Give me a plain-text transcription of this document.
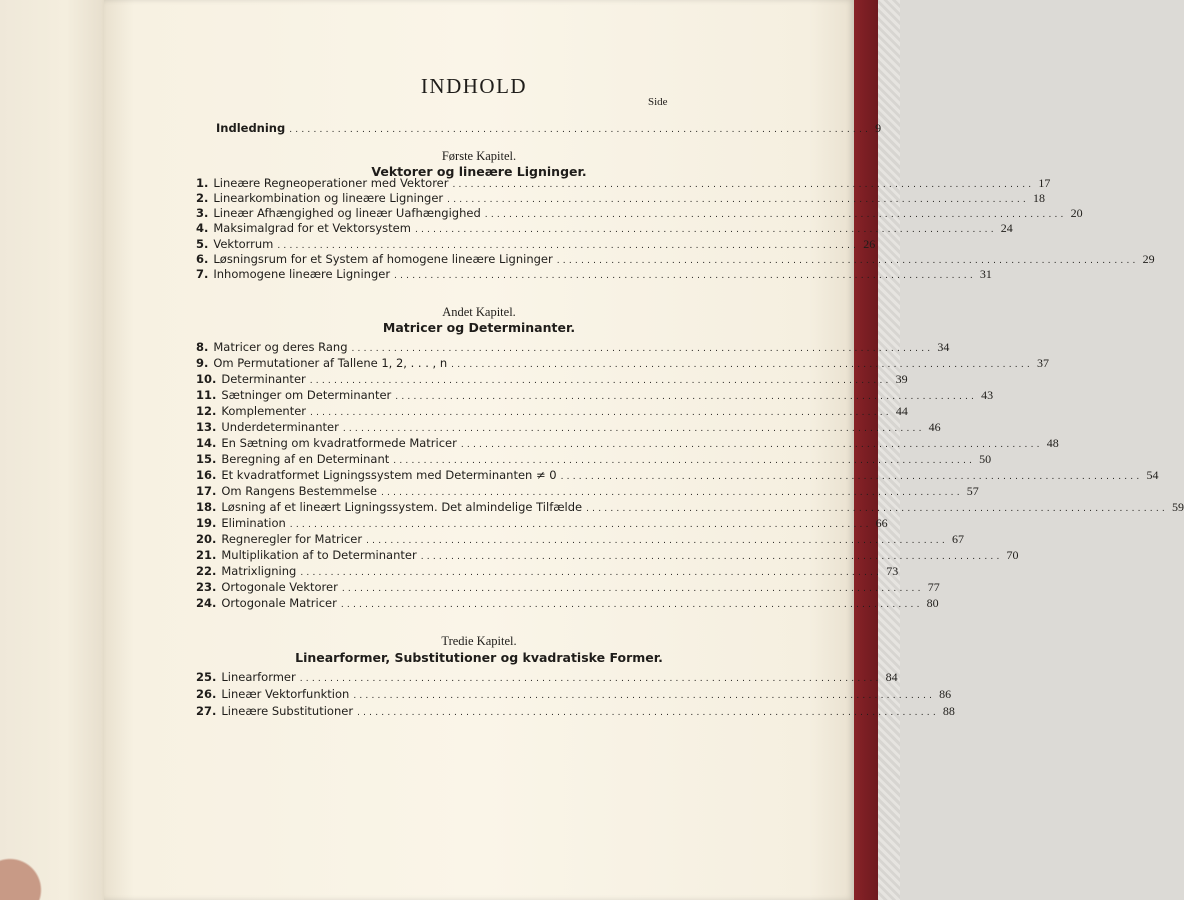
INDHOLD
Side
Indledning ................................................................................................ 9
Første Kapitel.
Vektorer og lineære Ligninger.
1. Lineære Regneoperationer med Vektorer ................................................................................................ 17
2. Linearkombination og lineære Ligninger ................................................................................................ 18
3. Lineær Afhængighed og lineær Uafhængighed ................................................................................................ 20
4. Maksimalgrad for et Vektorsystem ................................................................................................ 24
5. Vektorrum ................................................................................................ 26
6. Løsningsrum for et System af homogene lineære Ligninger ................................................................................................ 29
7. Inhomogene lineære Ligninger ................................................................................................ 31
Andet Kapitel.
Matricer og Determinanter.
8. Matricer og deres Rang ................................................................................................ 34
9. Om Permutationer af Tallene 1, 2, . . . , n ................................................................................................ 37
10. Determinanter ................................................................................................ 39
11. Sætninger om Determinanter ................................................................................................ 43
12. Komplementer ................................................................................................ 44
13. Underdeterminanter ................................................................................................ 46
14. En Sætning om kvadratformede Matricer ................................................................................................ 48
15. Beregning af en Determinant ................................................................................................ 50
16. Et kvadratformet Ligningssystem med Determinanten ≠ 0 ................................................................................................ 54
17. Om Rangens Bestemmelse ................................................................................................ 57
18. Løsning af et lineært Ligningssystem. Det almindelige Tilfælde ................................................................................................ 59
19. Elimination ................................................................................................ 66
20. Regneregler for Matricer ................................................................................................ 67
21. Multiplikation af to Determinanter ................................................................................................ 70
22. Matrixligning ................................................................................................ 73
23. Ortogonale Vektorer ................................................................................................ 77
24. Ortogonale Matricer ................................................................................................ 80
Tredie Kapitel.
Linearformer, Substitutioner og kvadratiske Former.
25. Linearformer ................................................................................................ 84
26. Lineær Vektorfunktion ................................................................................................ 86
27. Lineære Substitutioner ................................................................................................ 88
